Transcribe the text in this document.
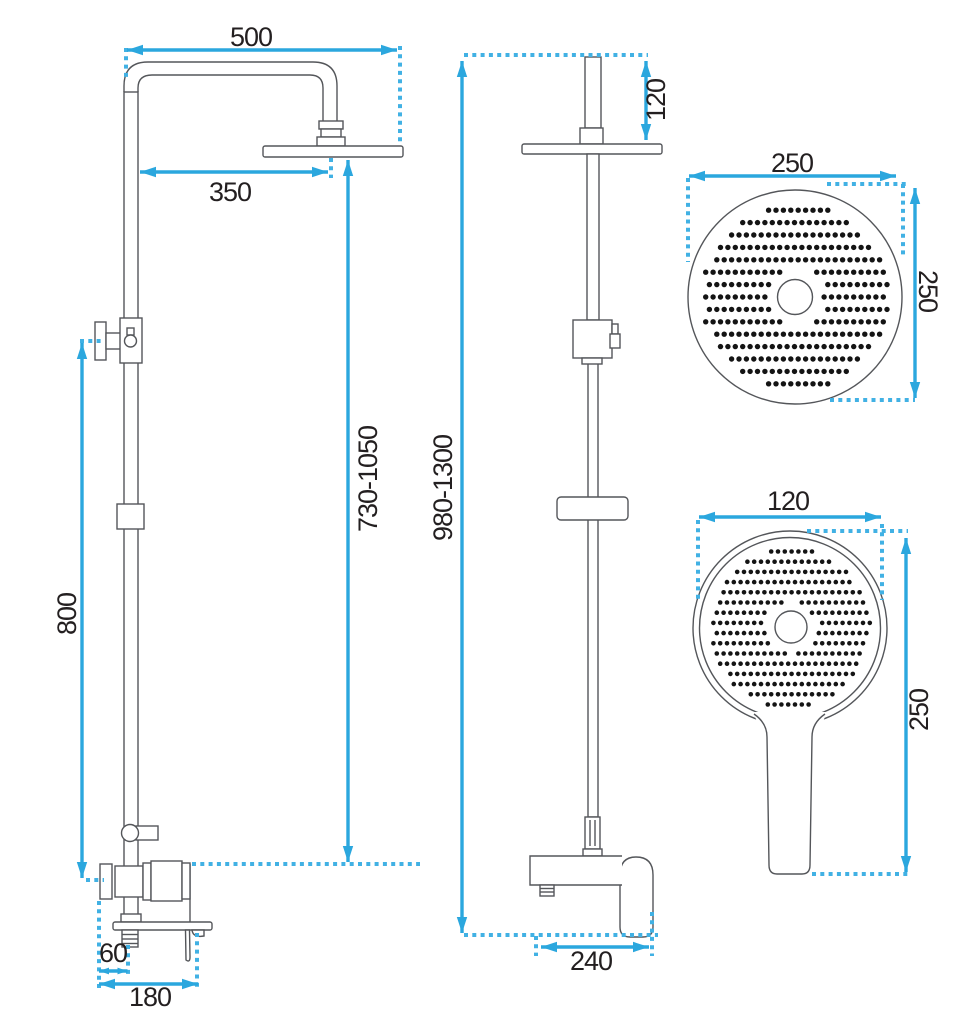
500
350
730-1050
800
60
180
120
980-1300
240
250
250
120
250
